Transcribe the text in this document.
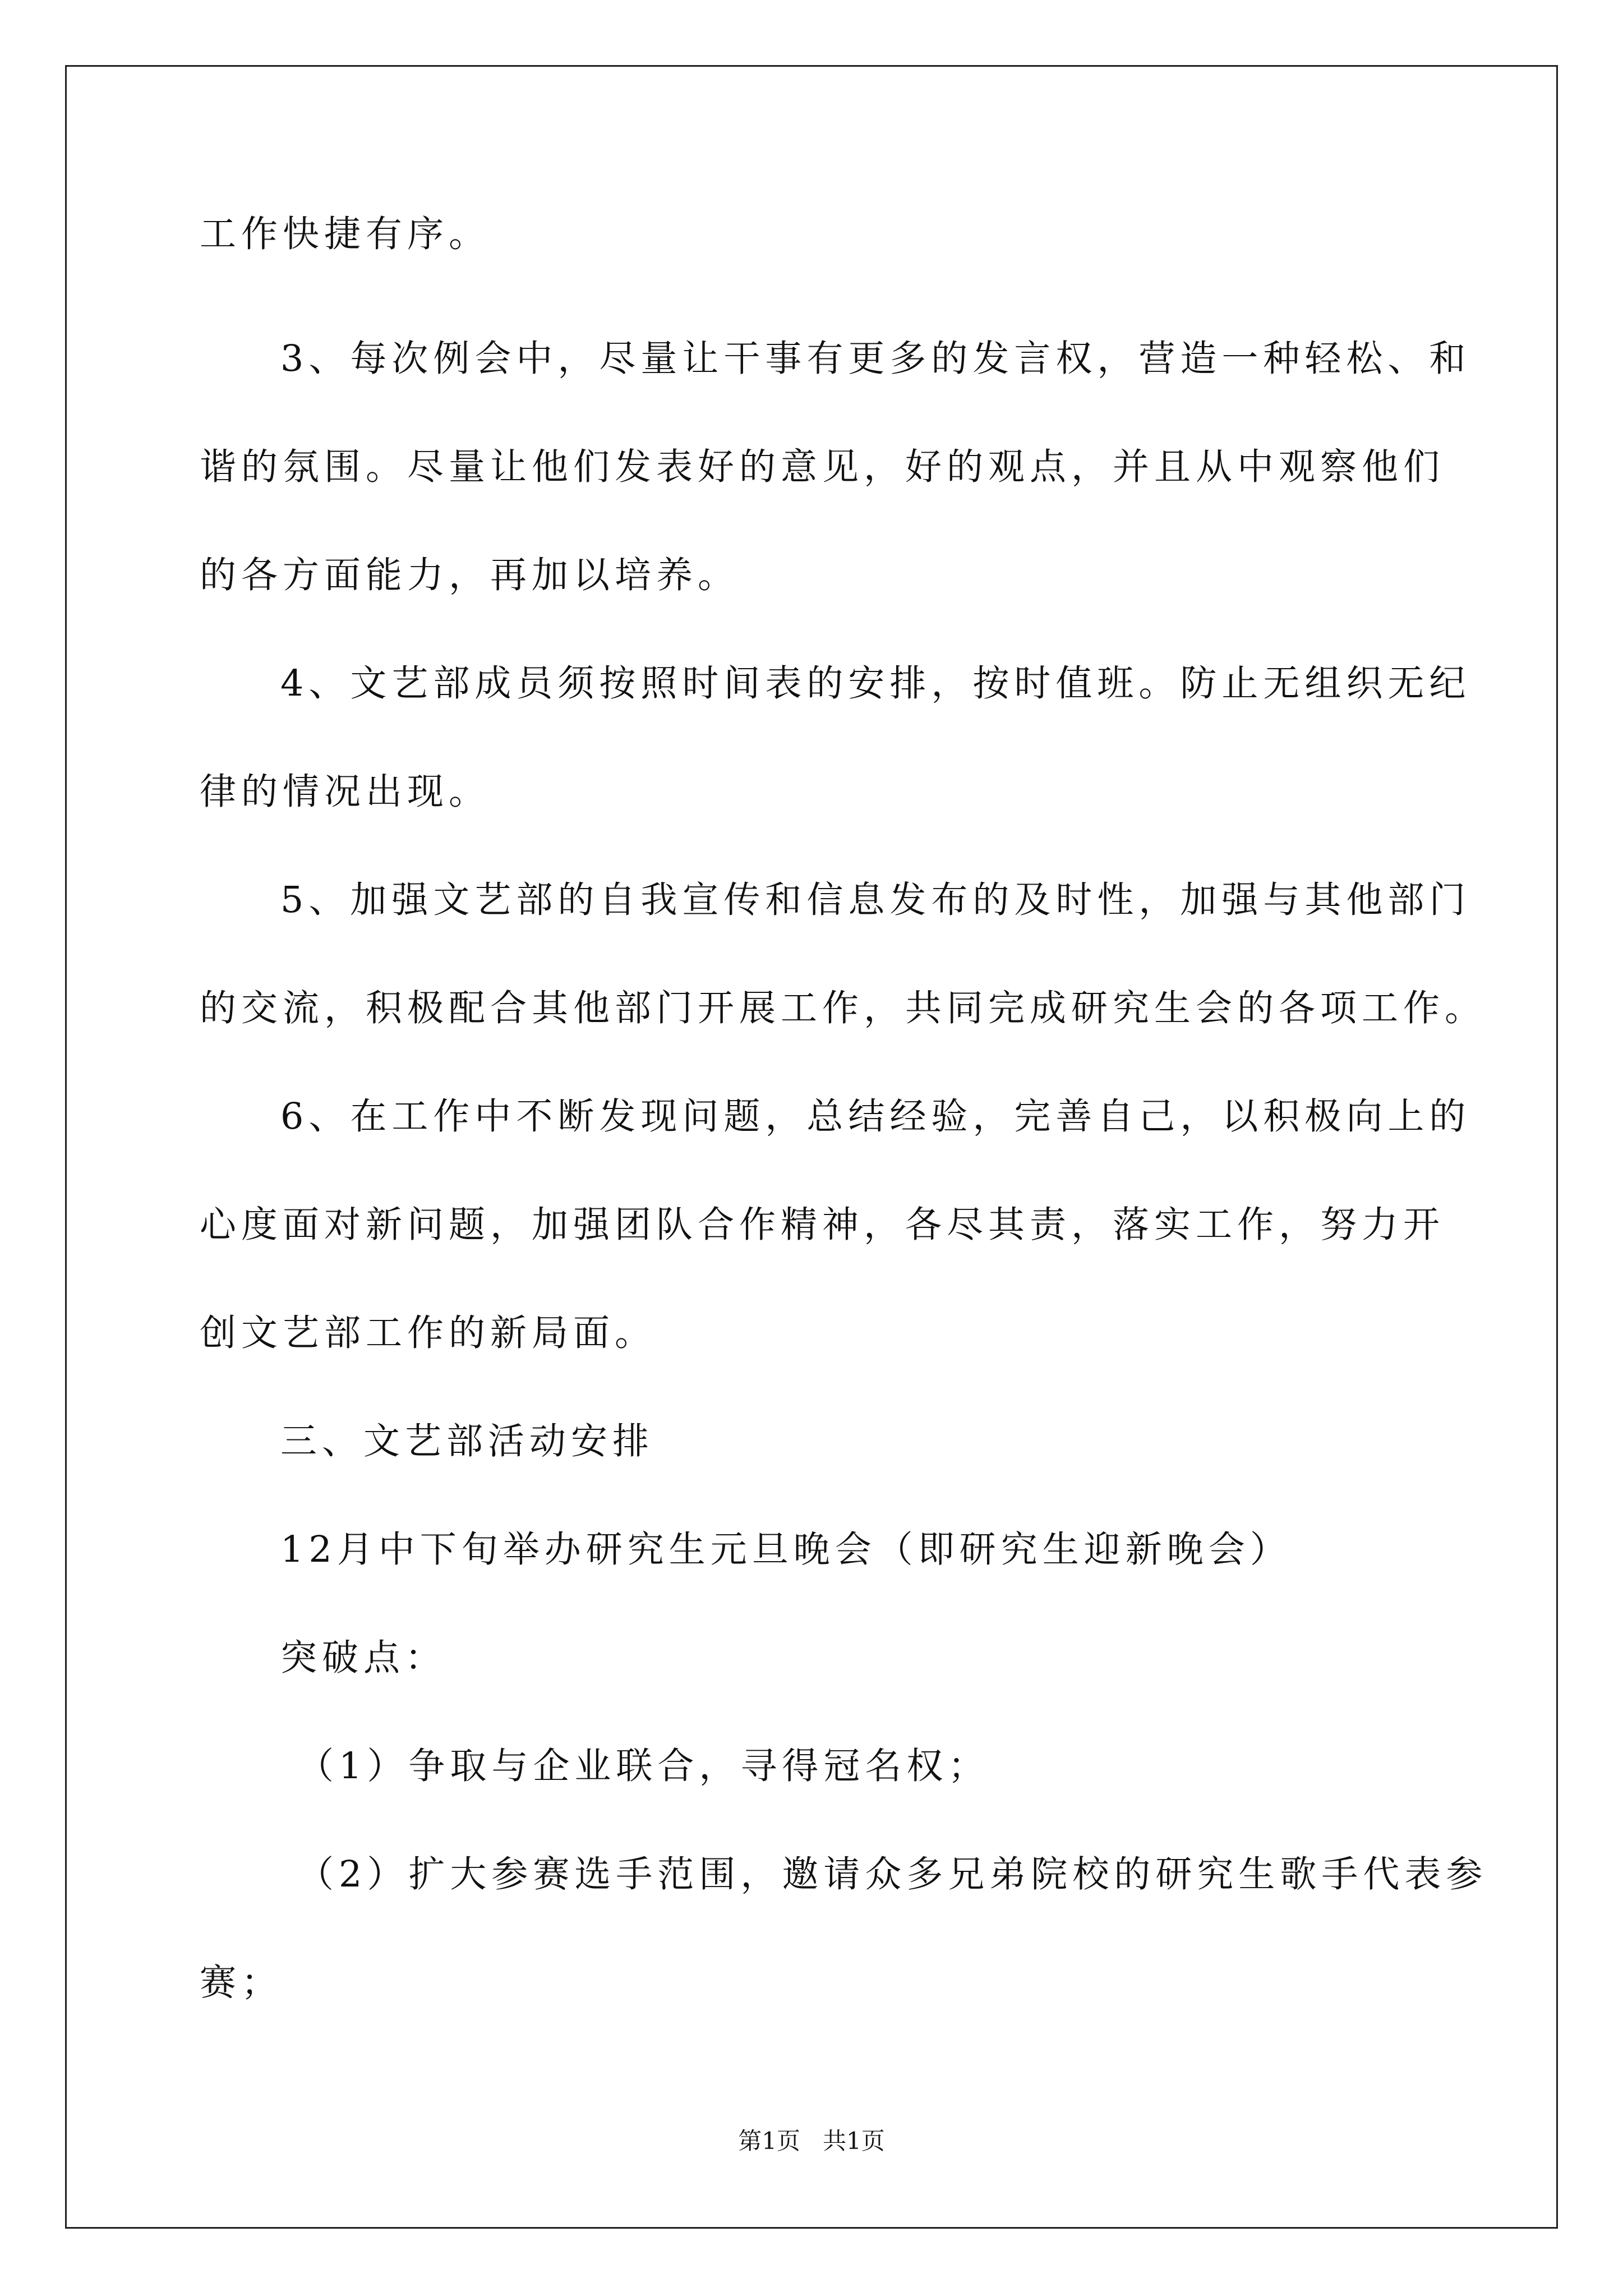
工作快捷有序。

3、每次例会中，尽量让干事有更多的发言权，营造一种轻松、和

谐的氛围。尽量让他们发表好的意见，好的观点，并且从中观察他们

的各方面能力，再加以培养。

4、文艺部成员须按照时间表的安排，按时值班。防止无组织无纪

律的情况出现。

5、加强文艺部的自我宣传和信息发布的及时性，加强与其他部门

的交流，积极配合其他部门开展工作，共同完成研究生会的各项工作。

6、在工作中不断发现问题，总结经验，完善自己，以积极向上的

心度面对新问题，加强团队合作精神，各尽其责，落实工作，努力开

创文艺部工作的新局面。

三、文艺部活动安排

12月中下旬举办研究生元旦晚会（即研究生迎新晚会）

突破点：

（1）争取与企业联合，寻得冠名权；

（2）扩大参赛选手范围，邀请众多兄弟院校的研究生歌手代表参

赛；

第1页   共1页
